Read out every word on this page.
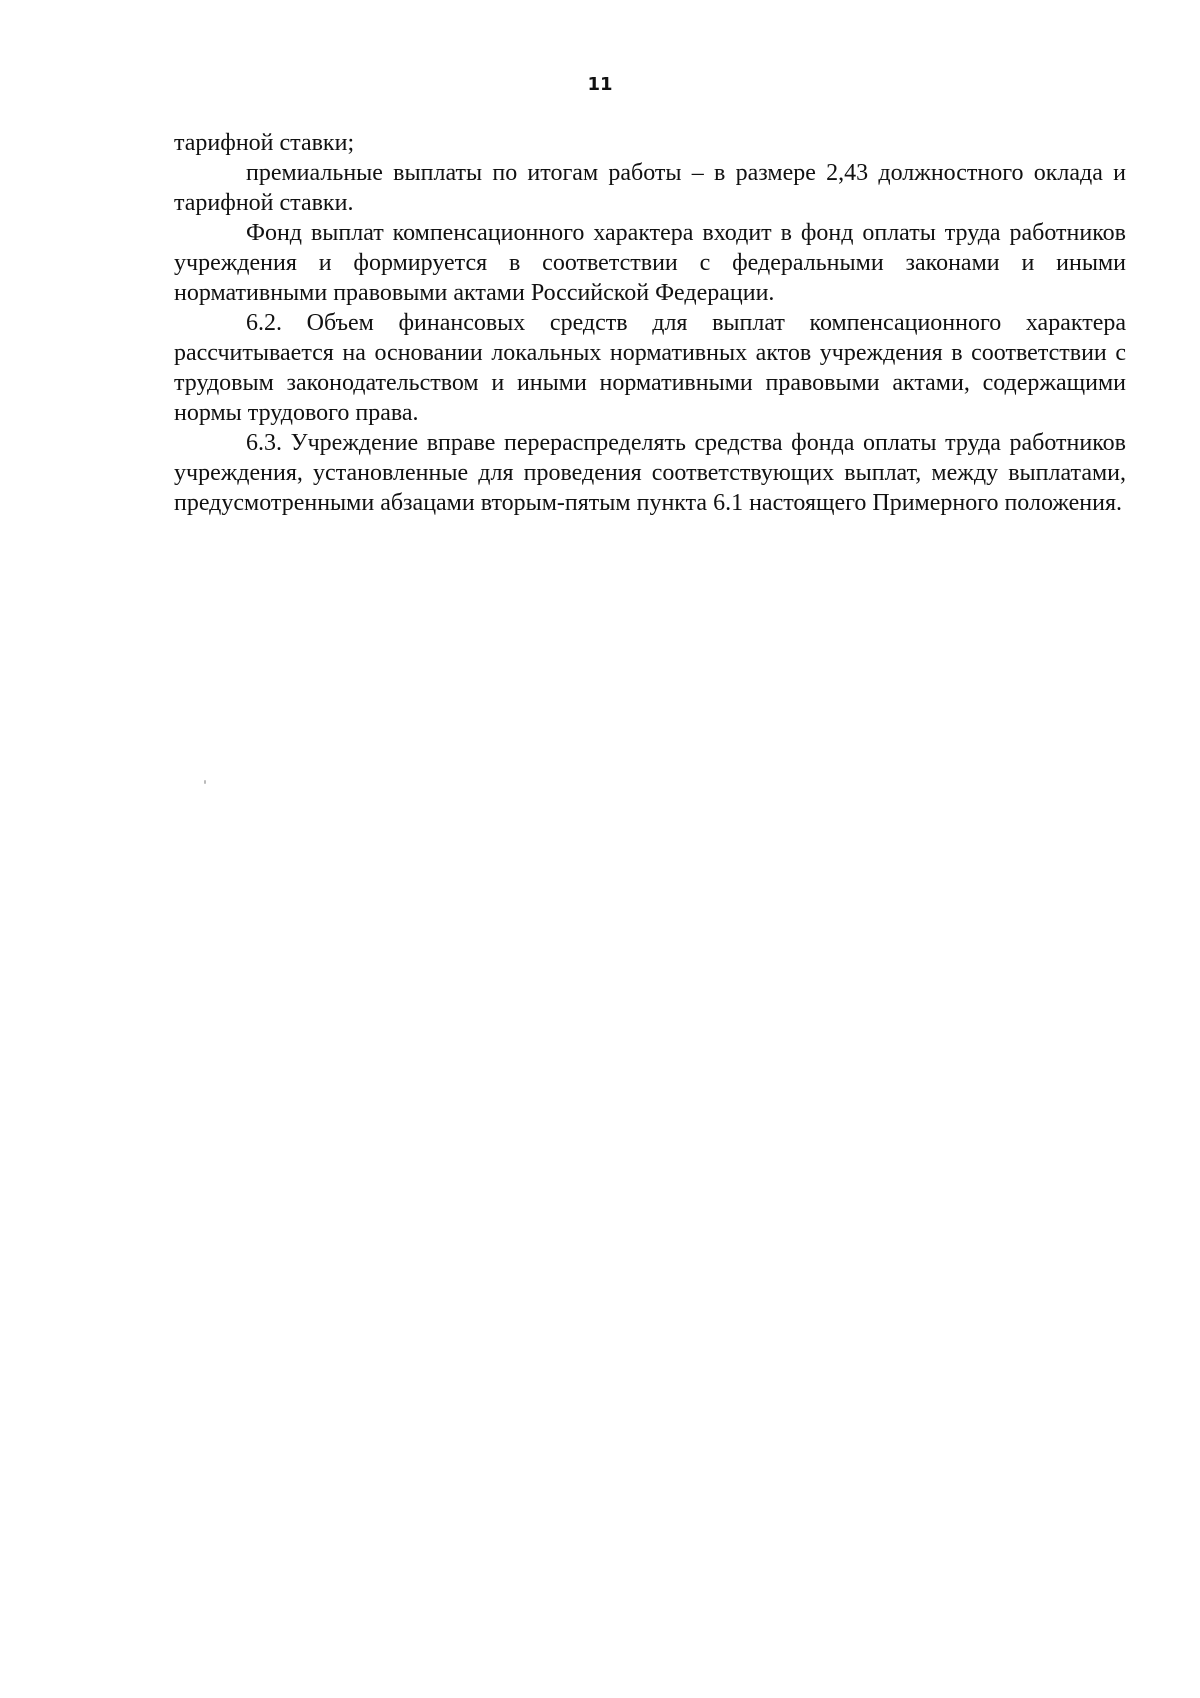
11

тарифной ставки;

премиальные выплаты по итогам работы – в размере 2,43 должностного оклада и тарифной ставки.

Фонд выплат компенсационного характера входит в фонд оплаты труда работников учреждения и формируется в соответствии с федеральными законами и иными нормативными правовыми актами Российской Федерации.

6.2. Объем финансовых средств для выплат компенсационного характера рассчитывается на основании локальных нормативных актов учреждения в соответствии с трудовым законодательством и иными нормативными правовыми актами, содержащими нормы трудового права.

6.3. Учреждение вправе перераспределять средства фонда оплаты труда работников учреждения, установленные для проведения соответствующих выплат, между выплатами, предусмотренными абзацами вторым-пятым пункта 6.1 настоящего Примерного положения.
